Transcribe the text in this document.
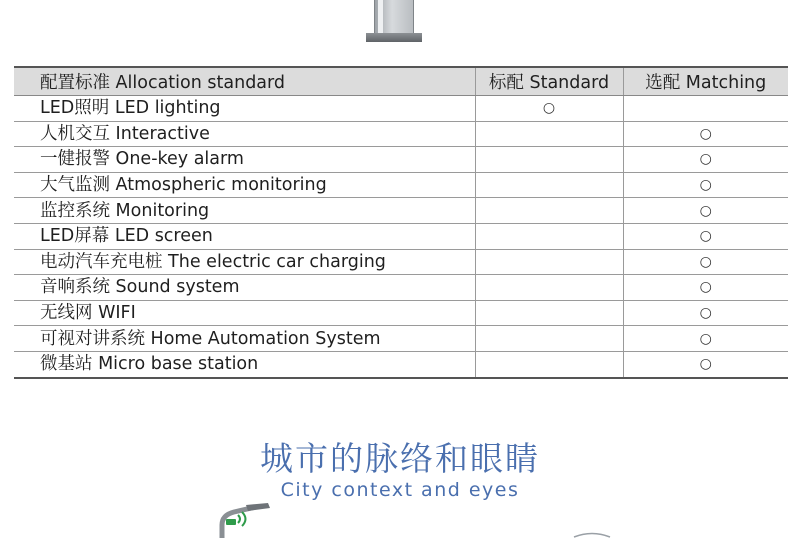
配置标准 Allocation standard	标配 Standard	选配 Matching
LED照明 LED lighting	○	
人机交互 Interactive		○
一健报警 One-key alarm		○
大气监测 Atmospheric monitoring		○
监控系统 Monitoring		○
LED屏幕 LED screen		○
电动汽车充电桩 The electric car charging		○
音响系统 Sound system		○
无线网 WIFI		○
可视对讲系统 Home Automation System		○
微基站 Micro base station		○
城市的脉络和眼睛
City context and eyes
